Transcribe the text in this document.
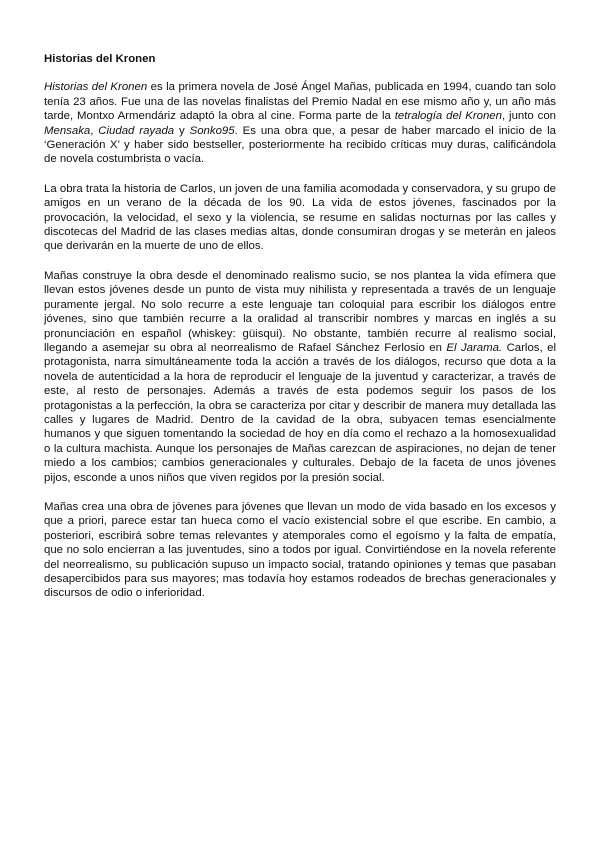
Historias del Kronen

Historias del Kronen es la primera novela de José Ángel Mañas, publicada en 1994, cuando tan solo tenía 23 años. Fue una de las novelas finalistas del Premio Nadal en ese mismo año y, un año más tarde, Montxo Armendáriz adaptó la obra al cine. Forma parte de la tetralogía del Kronen, junto con Mensaka, Ciudad rayada y Sonko95. Es una obra que, a pesar de haber marcado el inicio de la ‘Generación X’ y haber sido bestseller, posteriormente ha recibido críticas muy duras, calificándola de novela costumbrista o vacía.

La obra trata la historia de Carlos, un joven de una familia acomodada y conservadora, y su grupo de amigos en un verano de la década de los 90. La vida de estos jóvenes, fascinados por la provocación, la velocidad, el sexo y la violencia, se resume en salidas nocturnas por las calles y discotecas del Madrid de las clases medias altas, donde consumiran drogas y se meterán en jaleos que derivarán en la muerte de uno de ellos.

Mañas construye la obra desde el denominado realismo sucio, se nos plantea la vida efímera que llevan estos jóvenes desde un punto de vista muy nihilista y representada a través de un lenguaje puramente jergal. No solo recurre a este lenguaje tan coloquial para escribir los diálogos entre jóvenes, sino que también recurre a la oralidad al transcribir nombres y marcas en inglés a su pronunciación en español (whiskey: güisqui). No obstante, también recurre al realismo social, llegando a asemejar su obra al neorrealismo de Rafael Sánchez Ferlosio en El Jarama. Carlos, el protagonista, narra simultáneamente toda la acción a través de los diálogos, recurso que dota a la novela de autenticidad a la hora de reproducir el lenguaje de la juventud y caracterizar, a través de este, al resto de personajes. Además a través de esta podemos seguir los pasos de los protagonistas a la perfección, la obra se caracteriza por citar y describir de manera muy detallada las calles y lugares de Madrid. Dentro de la cavidad de la obra, subyacen temas esencialmente humanos y que siguen tomentando la sociedad de hoy en día como el rechazo a la homosexualidad o la cultura machista. Aunque los personajes de Mañas carezcan de aspiraciones, no dejan de tener miedo a los cambios; cambios generacionales y culturales. Debajo de la faceta de unos jóvenes pijos, esconde a unos niños que viven regidos por la presión social.

Mañas crea una obra de jóvenes para jóvenes que llevan un modo de vida basado en los excesos y que a priori, parece estar tan hueca como el vacío existencial sobre el que escribe. En cambio, a posteriori, escribirá sobre temas relevantes y atemporales como el egoísmo y la falta de empatía, que no solo encierran a las juventudes, sino a todos por igual. Convirtiéndose en la novela referente del neorrealismo, su publicación supuso un impacto social, tratando opiniones y temas que pasaban desapercibidos para sus mayores; mas todavía hoy estamos rodeados de brechas generacionales y discursos de odio o inferioridad.
